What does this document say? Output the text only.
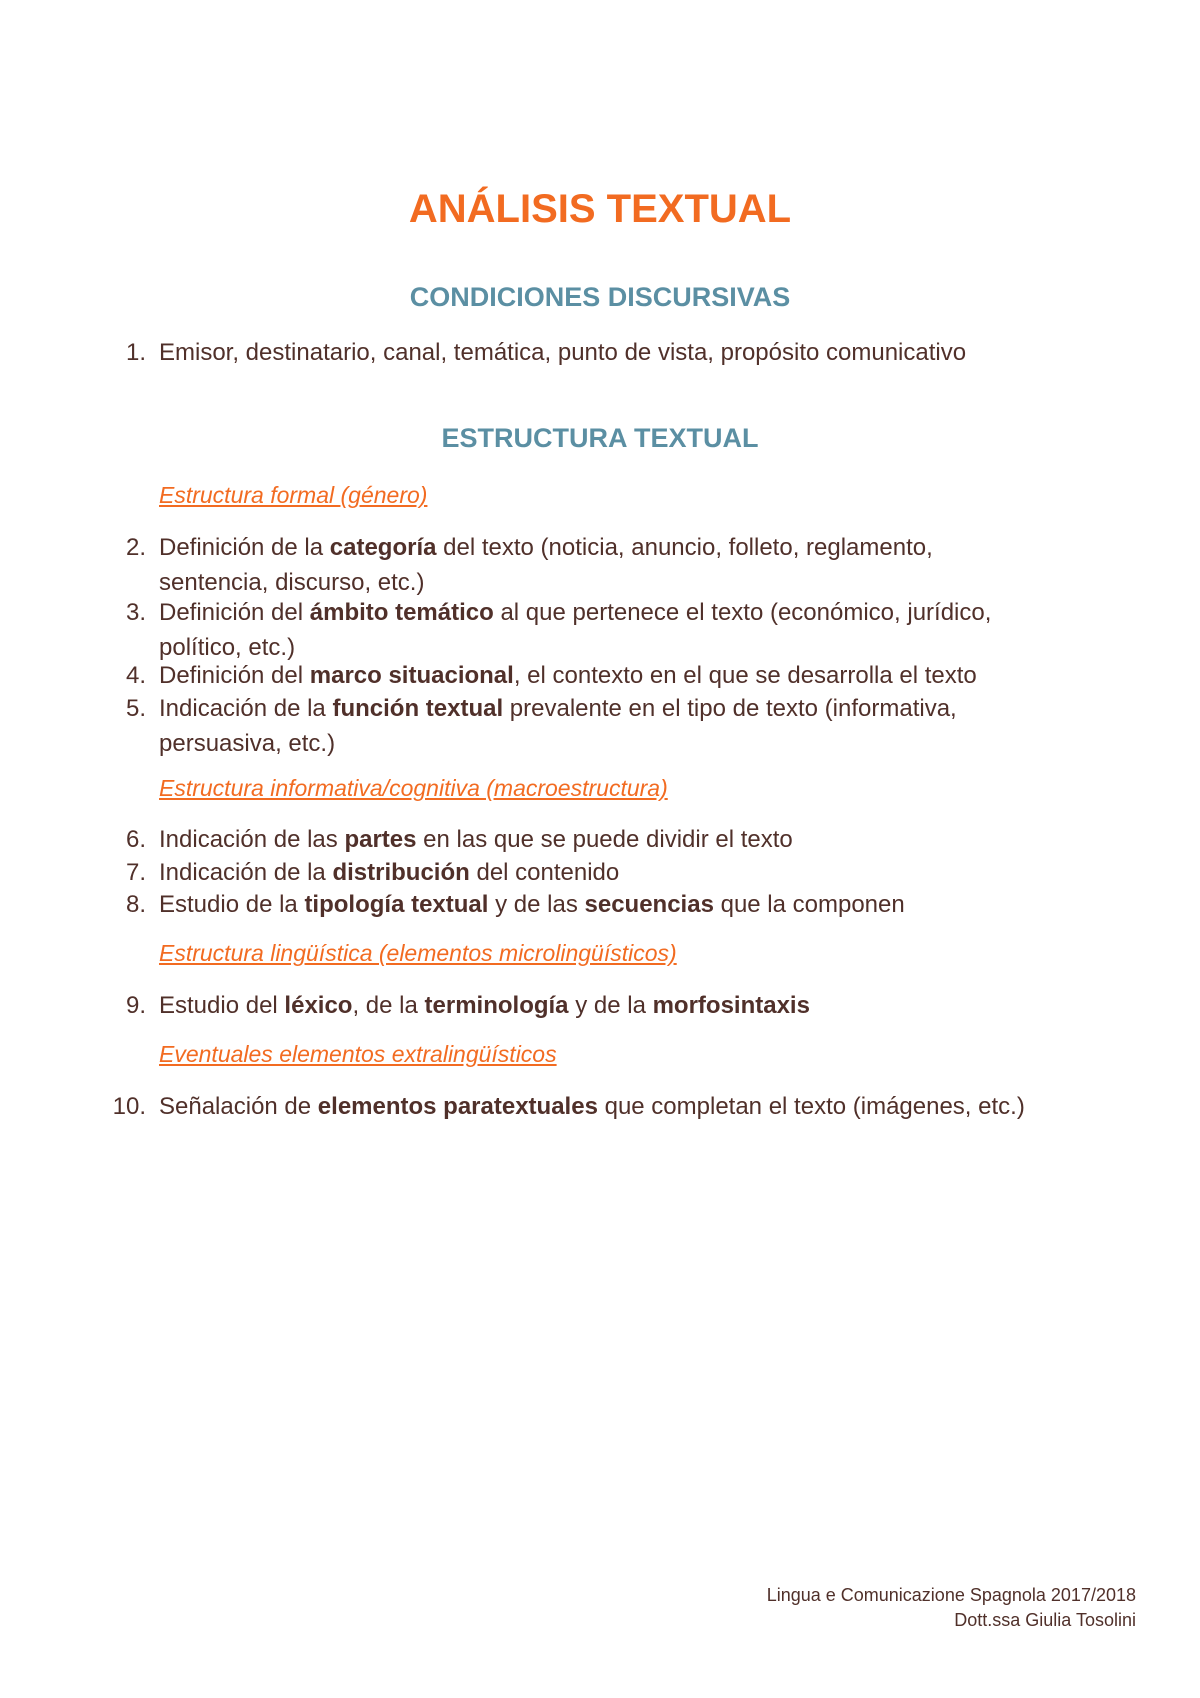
ANÁLISIS TEXTUAL
CONDICIONES DISCURSIVAS
1. Emisor, destinatario, canal, temática, punto de vista, propósito comunicativo
ESTRUCTURA TEXTUAL
Estructura formal (género)
2. Definición de la categoría del texto (noticia, anuncio, folleto, reglamento,
sentencia, discurso, etc.)
3. Definición del ámbito temático al que pertenece el texto (económico, jurídico,
político, etc.)
4. Definición del marco situacional, el contexto en el que se desarrolla el texto
5. Indicación de la función textual prevalente en el tipo de texto (informativa,
persuasiva, etc.)
Estructura informativa/cognitiva (macroestructura)
6. Indicación de las partes en las que se puede dividir el texto
7. Indicación de la distribución del contenido
8. Estudio de la tipología textual y de las secuencias que la componen
Estructura lingüística (elementos microlingüísticos)
9. Estudio del léxico, de la terminología y de la morfosintaxis
Eventuales elementos extralingüísticos
10. Señalación de elementos paratextuales que completan el texto (imágenes, etc.)
Lingua e Comunicazione Spagnola 2017/2018
Dott.ssa Giulia Tosolini
